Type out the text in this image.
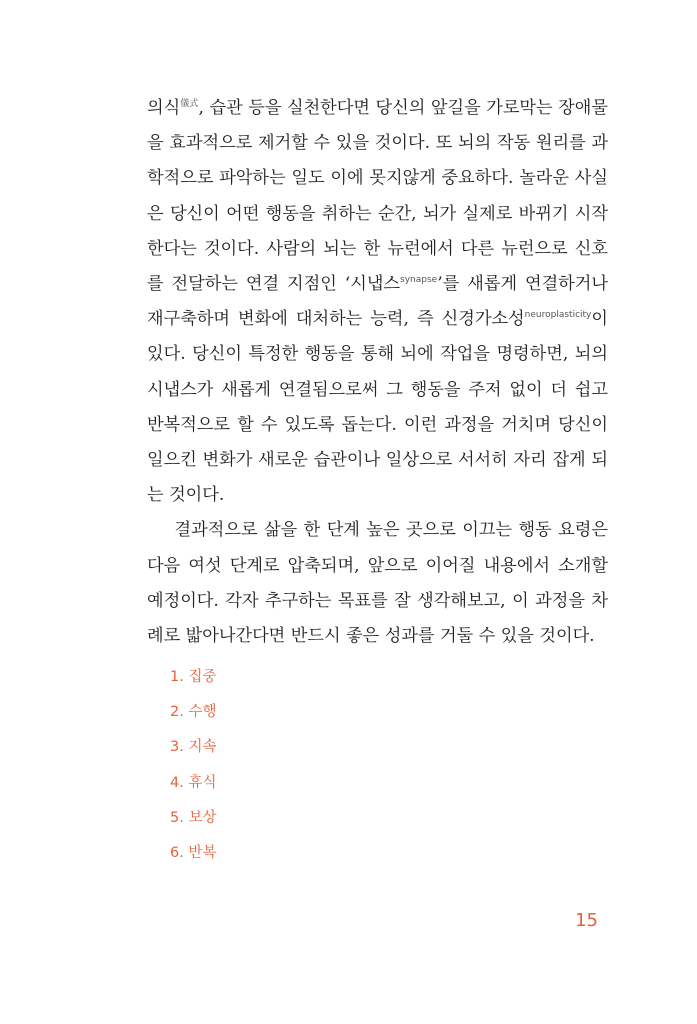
의식$^{儀式}$, 습관 등을 실천한다면 당신의 앞길을 가로막는 장애물을 효과적으로 제거할 수 있을 것이다. 또 뇌의 작동 원리를 과학적으로 파악하는 일도 이에 못지않게 중요하다. 놀라운 사실은 당신이 어떤 행동을 취하는 순간, 뇌가 실제로 바뀌기 시작한다는 것이다. 사람의 뇌는 한 뉴런에서 다른 뉴런으로 신호를 전달하는 연결 지점인 ‘시냅스$^{synapse}$’를 새롭게 연결하거나 재구축하며 변화에 대처하는 능력, 즉 신경가소성$^{neuroplasticity}$이 있다. 당신이 특정한 행동을 통해 뇌에 작업을 명령하면, 뇌의 시냅스가 새롭게 연결됨으로써 그 행동을 주저 없이 더 쉽고 반복적으로 할 수 있도록 돕는다. 이런 과정을 거치며 당신이 일으킨 변화가 새로운 습관이나 일상으로 서서히 자리 잡게 되는 것이다.

결과적으로 삶을 한 단계 높은 곳으로 이끄는 행동 요령은 다음 여섯 단계로 압축되며, 앞으로 이어질 내용에서 소개할 예정이다. 각자 추구하는 목표를 잘 생각해보고, 이 과정을 차례로 밟아나간다면 반드시 좋은 성과를 거둘 수 있을 것이다.

1. 집중
2. 수행
3. 지속
4. 휴식
5. 보상
6. 반복
15
